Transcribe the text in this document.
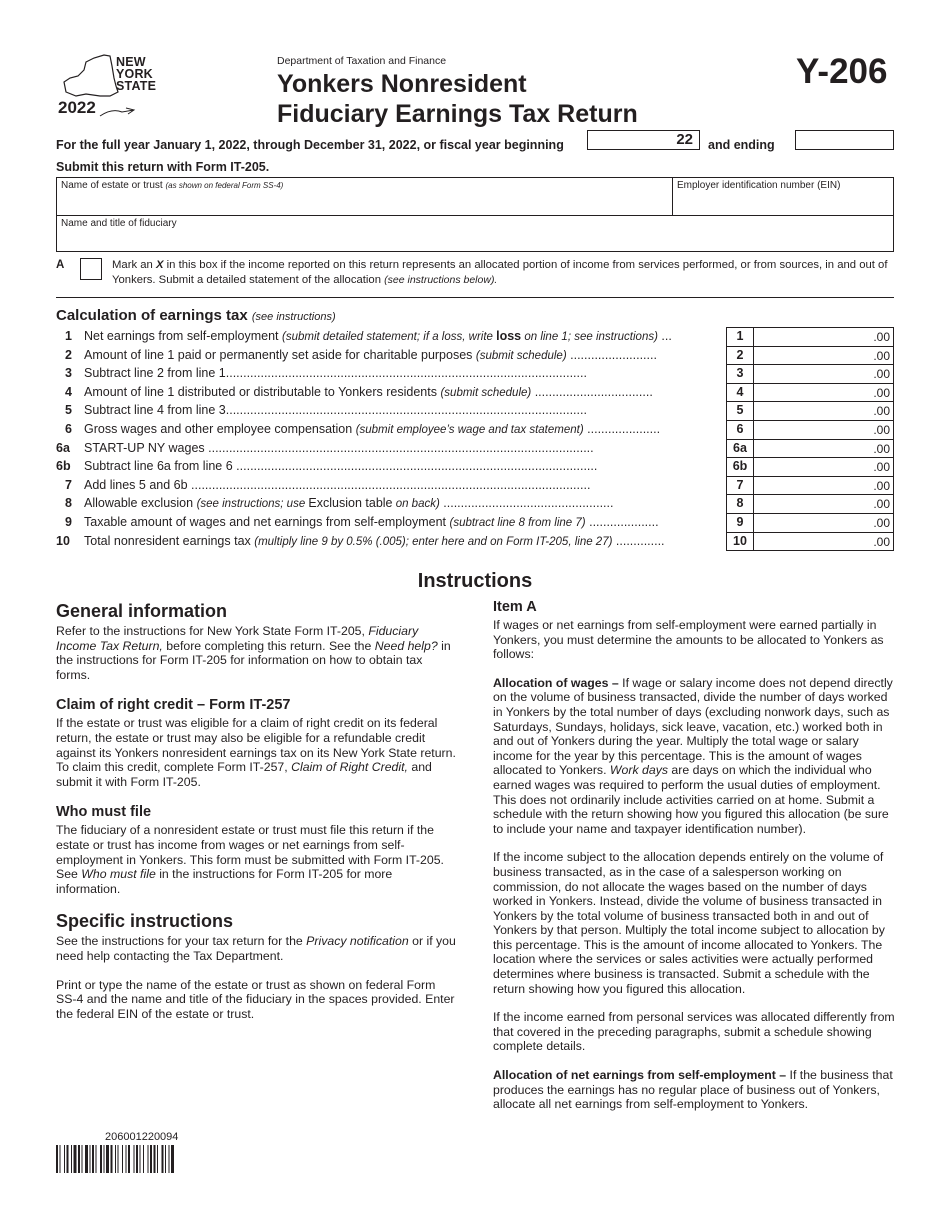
NEW
YORK
STATE
2022
Department of Taxation and Finance
Yonkers Nonresident
Fiduciary Earnings Tax Return
Y-206
For the full year January 1, 2022, through December 31, 2022, or fiscal year beginning	22	and ending
Submit this return with Form IT-205.
Name of estate or trust (as shown on federal Form SS-4)	Employer identification number (EIN)
Name and title of fiduciary
A	Mark an X in this box if the income reported on this return represents an allocated portion of income from services performed, or from sources, in and out of Yonkers. Submit a detailed statement of the allocation (see instructions below).
Calculation of earnings tax (see instructions)
1 Net earnings from self-employment (submit detailed statement; if a loss, write loss on line 1; see instructions) ...	1	.00
2 Amount of line 1 paid or permanently set aside for charitable purposes (submit schedule) .........................	2	.00
3 Subtract line 2 from line 1........................................................................................................	3	.00
4 Amount of line 1 distributed or distributable to Yonkers residents (submit schedule) ..................................	4	.00
5 Subtract line 4 from line 3........................................................................................................	5	.00
6 Gross wages and other employee compensation (submit employee’s wage and tax statement) .....................	6	.00
6a START-UP NY wages ...............................................................................................................	6a	.00
6b Subtract line 6a from line 6 ........................................................................................................	6b	.00
7 Add lines 5 and 6b ...................................................................................................................	7	.00
8 Allowable exclusion (see instructions; use Exclusion table on back) .................................................	8	.00
9 Taxable amount of wages and net earnings from self-employment (subtract line 8 from line 7) ....................	9	.00
10 Total nonresident earnings tax (multiply line 9 by 0.5% (.005); enter here and on Form IT-205, line 27) ..............	10	.00
Instructions
General information

Refer to the instructions for New York State Form IT-205, Fiduciary Income Tax Return, before completing this return. See the Need help? in the instructions for Form IT-205 for information on how to obtain tax forms.

Claim of right credit – Form IT-257

If the estate or trust was eligible for a claim of right credit on its federal return, the estate or trust may also be eligible for a refundable credit against its Yonkers nonresident earnings tax on its New York State return. To claim this credit, complete Form IT-257, Claim of Right Credit, and submit it with Form IT-205.

Who must file

The fiduciary of a nonresident estate or trust must file this return if the estate or trust has income from wages or net earnings from self-employment in Yonkers. This form must be submitted with Form IT-205. See Who must file in the instructions for Form IT-205 for more information.

Specific instructions

See the instructions for your tax return for the Privacy notification or if you need help contacting the Tax Department.

Print or type the name of the estate or trust as shown on federal Form SS-4 and the name and title of the fiduciary in the spaces provided. Enter the federal EIN of the estate or trust.

Item A

If wages or net earnings from self-employment were earned partially in Yonkers, you must determine the amounts to be allocated to Yonkers as follows:

Allocation of wages – If wage or salary income does not depend directly on the volume of business transacted, divide the number of days worked in Yonkers by the total number of days (excluding nonwork days, such as Saturdays, Sundays, holidays, sick leave, vacation, etc.) worked both in and out of Yonkers during the year. Multiply the total wage or salary income for the year by this percentage. This is the amount of wages allocated to Yonkers. Work days are days on which the individual who earned wages was required to perform the usual duties of employment. This does not ordinarily include activities carried on at home. Submit a schedule with the return showing how you figured this allocation (be sure to include your name and taxpayer identification number).

If the income subject to the allocation depends entirely on the volume of business transacted, as in the case of a salesperson working on commission, do not allocate the wages based on the number of days worked in Yonkers. Instead, divide the volume of business transacted in Yonkers by the total volume of business transacted both in and out of Yonkers by that person. Multiply the total income subject to allocation by this percentage. This is the amount of income allocated to Yonkers. The location where the services or sales activities were actually performed determines where business is transacted. Submit a schedule with the return showing how you figured this allocation.

If the income earned from personal services was allocated differently from that covered in the preceding paragraphs, submit a schedule showing complete details.

Allocation of net earnings from self-employment – If the business that produces the earnings has no regular place of business out of Yonkers, allocate all net earnings from self-employment to Yonkers.

206001220094
